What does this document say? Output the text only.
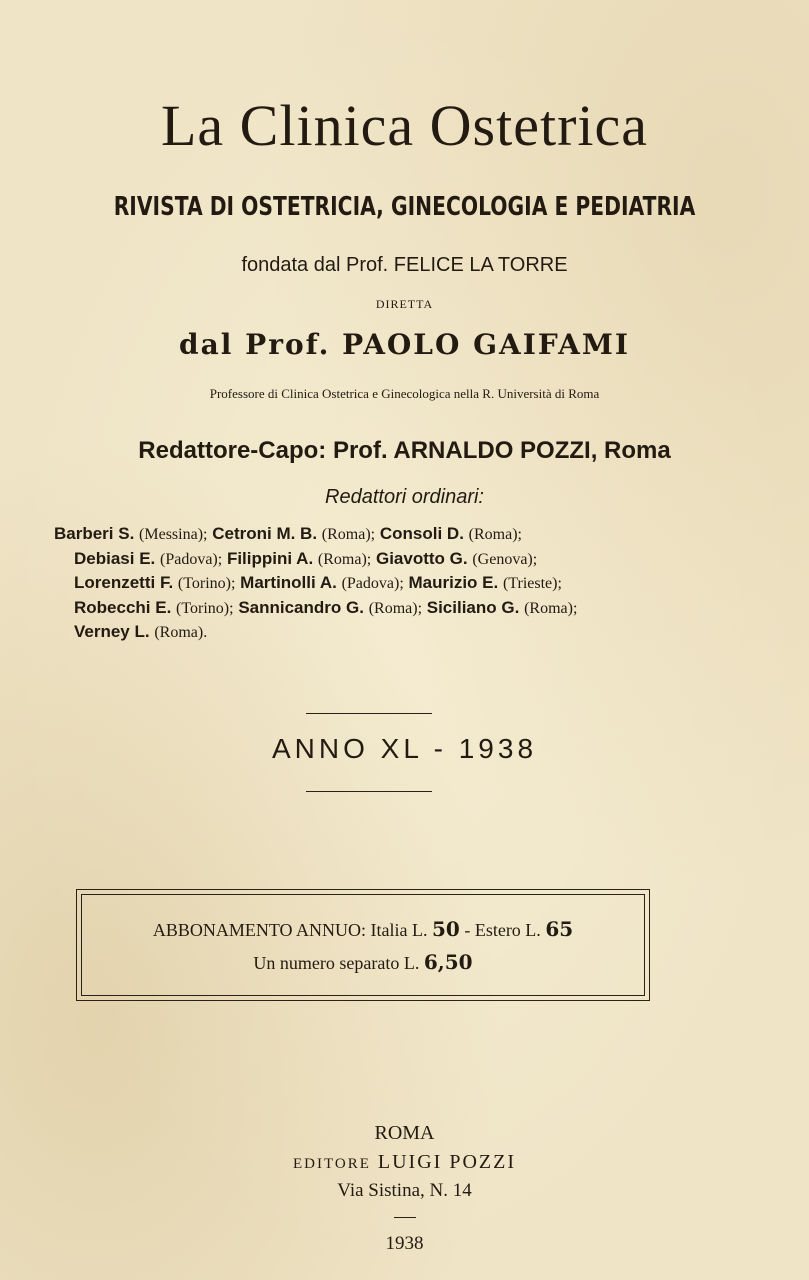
La Clinica Ostetrica
RIVISTA DI OSTETRICIA, GINECOLOGIA E PEDIATRIA
fondata dal Prof. FELICE LA TORRE
DIRETTA
dal Prof. PAOLO GAIFAMI
Professore di Clinica Ostetrica e Ginecologica nella R. Università di Roma
Redattore-Capo: Prof. ARNALDO POZZI, Roma
Redattori ordinari:
Barberi S. (Messina); Cetroni M. B. (Roma); Consoli D. (Roma);
Debiasi E. (Padova); Filippini A. (Roma); Giavotto G. (Genova);
Lorenzetti F. (Torino); Martinolli A. (Padova); Maurizio E. (Trieste);
Robecchi E. (Torino); Sannicandro G. (Roma); Siciliano G. (Roma);
Verney L. (Roma).
ANNO XL - 1938
ABBONAMENTO ANNUO: Italia L. 50 - Estero L. 65
Un numero separato L. 6,50
ROMA
EDITORE LUIGI POZZI
Via Sistina, N. 14
1938
